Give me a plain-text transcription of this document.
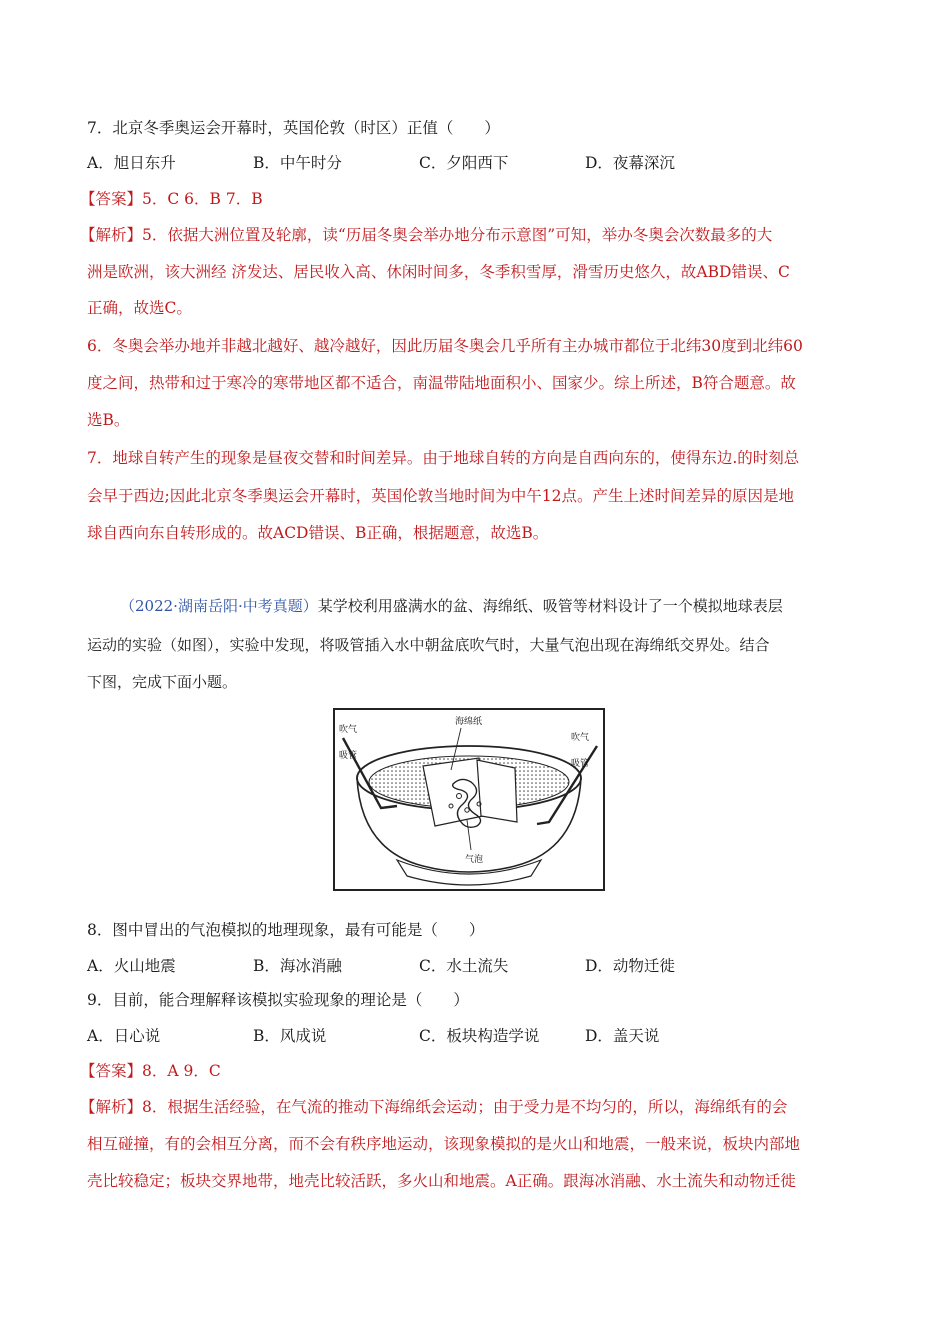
7．北京冬季奥运会开幕时，英国伦敦（时区）正值（　　）
A．旭日东升	B．中午时分	C．夕阳西下	D．夜幕深沉
【答案】5．C 6．B 7．B
【解析】5．依据大洲位置及轮廓，读“历届冬奥会举办地分布示意图”可知，举办冬奥会次数最多的大
洲是欧洲，该大洲经 济发达、居民收入高、休闲时间多，冬季积雪厚，滑雪历史悠久，故ABD错误、C
正确，故选C。
6．冬奥会举办地并非越北越好、越冷越好，因此历届冬奥会几乎所有主办城市都位于北纬30度到北纬60
度之间，热带和过于寒冷的寒带地区都不适合，南温带陆地面积小、国家少。综上所述，B符合题意。故
选B。
7．地球自转产生的现象是昼夜交替和时间差异。由于地球自转的方向是自西向东的，使得东边.的时刻总
会早于西边;因此北京冬季奥运会开幕时，英国伦敦当地时间为中午12点。产生上述时间差异的原因是地
球自西向东自转形成的。故ACD错误、B正确，根据题意，故选B。
（2022·湖南岳阳·中考真题）某学校利用盛满水的盆、海绵纸、吸管等材料设计了一个模拟地球表层
运动的实验（如图），实验中发现，将吸管插入水中朝盆底吹气时，大量气泡出现在海绵纸交界处。结合
下图，完成下面小题。
海绵纸
吹气
吸管
吹气
吸管
气泡
8．图中冒出的气泡模拟的地理现象，最有可能是（　　）
A．火山地震	B．海冰消融	C．水土流失	D．动物迁徙
9．目前，能合理解释该模拟实验现象的理论是（　　）
A．日心说	B．风成说	C．板块构造学说	D．盖天说
【答案】8．A 9．C
【解析】8．根据生活经验，在气流的推动下海绵纸会运动；由于受力是不均匀的，所以，海绵纸有的会
相互碰撞，有的会相互分离，而不会有秩序地运动，该现象模拟的是火山和地震，一般来说，板块内部地
壳比较稳定；板块交界地带，地壳比较活跃，多火山和地震。A正确。跟海冰消融、水土流失和动物迁徙
